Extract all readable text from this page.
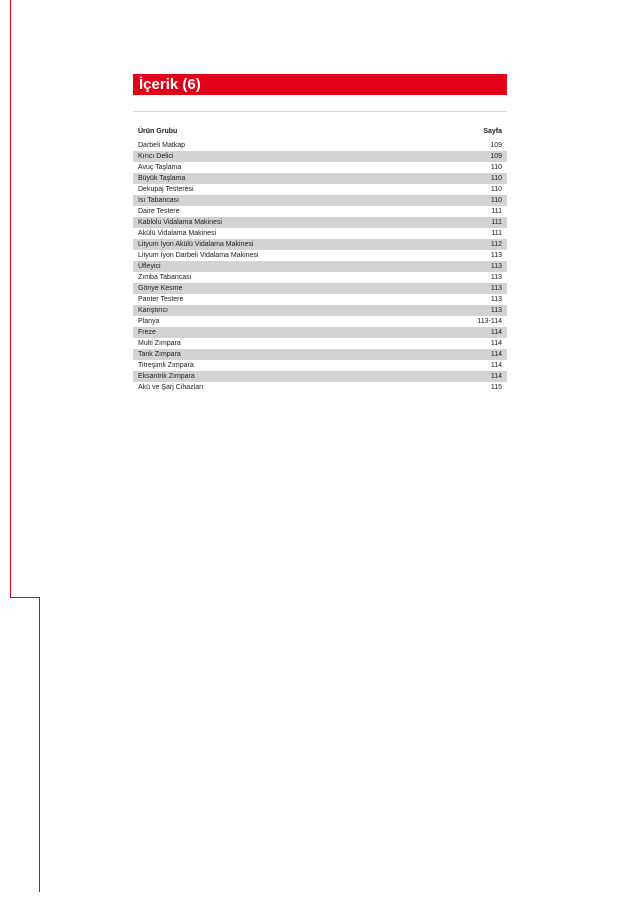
İçerik (6)
Ürün Grubu	Sayfa
Darbeli Matkap	109
Kırıcı Delici	109
Avuç Taşlama	110
Büyük Taşlama	110
Dekupaj Testeresi	110
Isı Tabancası	110
Daire Testere	111
Kablolu Vidalama Makinesi	111
Akülü Vidalama Makinesi	111
Lityum İyon Akülü Vidalama Makinesi	112
Lityum İyon Darbeli Vidalama Makinesi	113
Üfleyici	113
Zımba Tabancası	113
Gönye Kesme	113
Panter Testere	113
Karıştırıcı	113
Planya	113-114
Freze	114
Multi Zımpara	114
Tank Zımpara	114
Titreşimli Zımpara	114
Eksantrik Zımpara	114
Akü ve Şarj Cihazları	115
